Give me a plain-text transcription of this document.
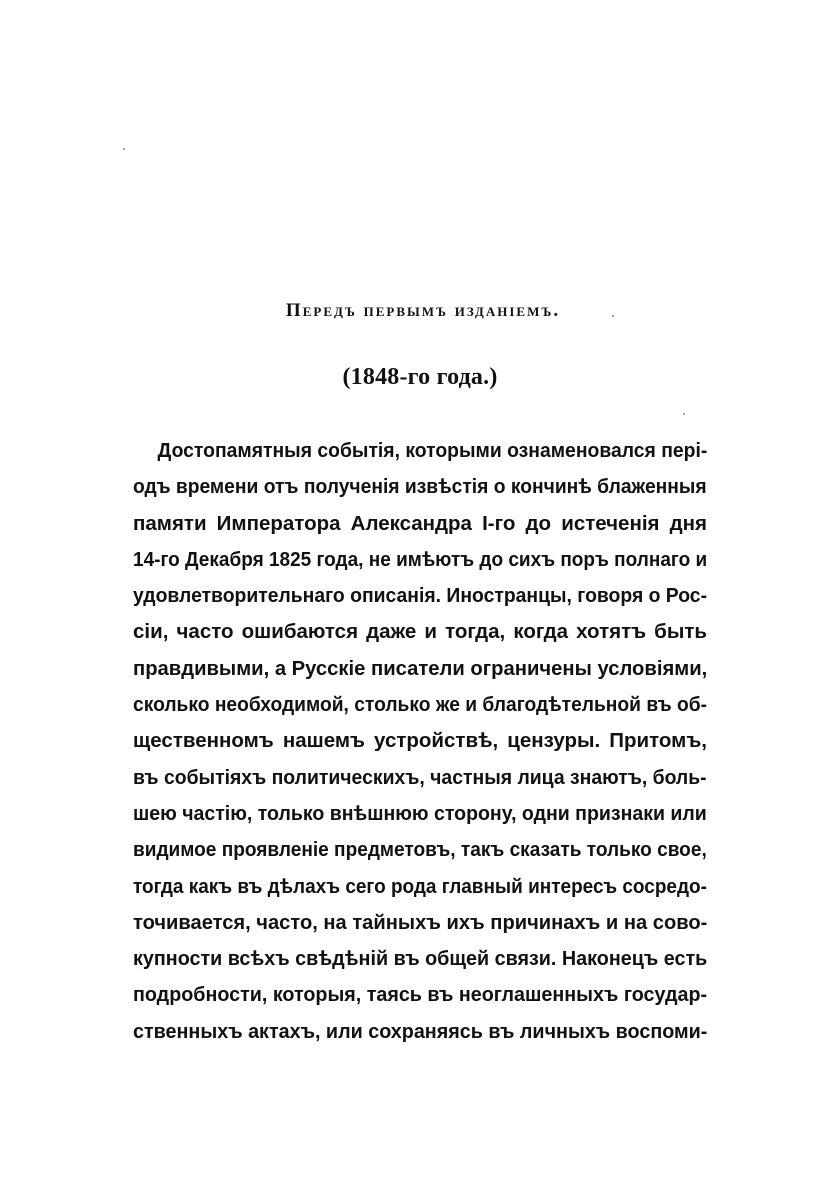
Передъ первымъ изданіемъ.
(1848-го года.)
Достопамятныя событія, которыми ознаменовался пері-
одъ времени отъ полученія извѣстія о кончинѣ блаженныя
памяти Императора Александра I-го до истеченія дня
14-го Декабря 1825 года, не имѣютъ до сихъ поръ полнаго и
удовлетворительнаго описанія. Иностранцы, говоря о Рос-
сіи, часто ошибаются даже и тогда, когда хотятъ быть
правдивыми, а Русскіе писатели ограничены условіями,
сколько необходимой, столько же и благодѣтельной въ об-
щественномъ нашемъ устройствѣ, цензуры. Притомъ,
въ событіяхъ политическихъ, частныя лица знаютъ, боль-
шею частію, только внѣшнюю сторону, одни признаки или
видимое проявленіе предметовъ, такъ сказать только свое,
тогда какъ въ дѣлахъ сего рода главный интересъ сосредо-
точивается, часто, на тайныхъ ихъ причинахъ и на сово-
купности всѣхъ свѣдѣній въ общей связи. Наконецъ есть
подробности, которыя, таясь въ неоглашенныхъ государ-
ственныхъ актахъ, или сохраняясь въ личныхъ воспоми-
